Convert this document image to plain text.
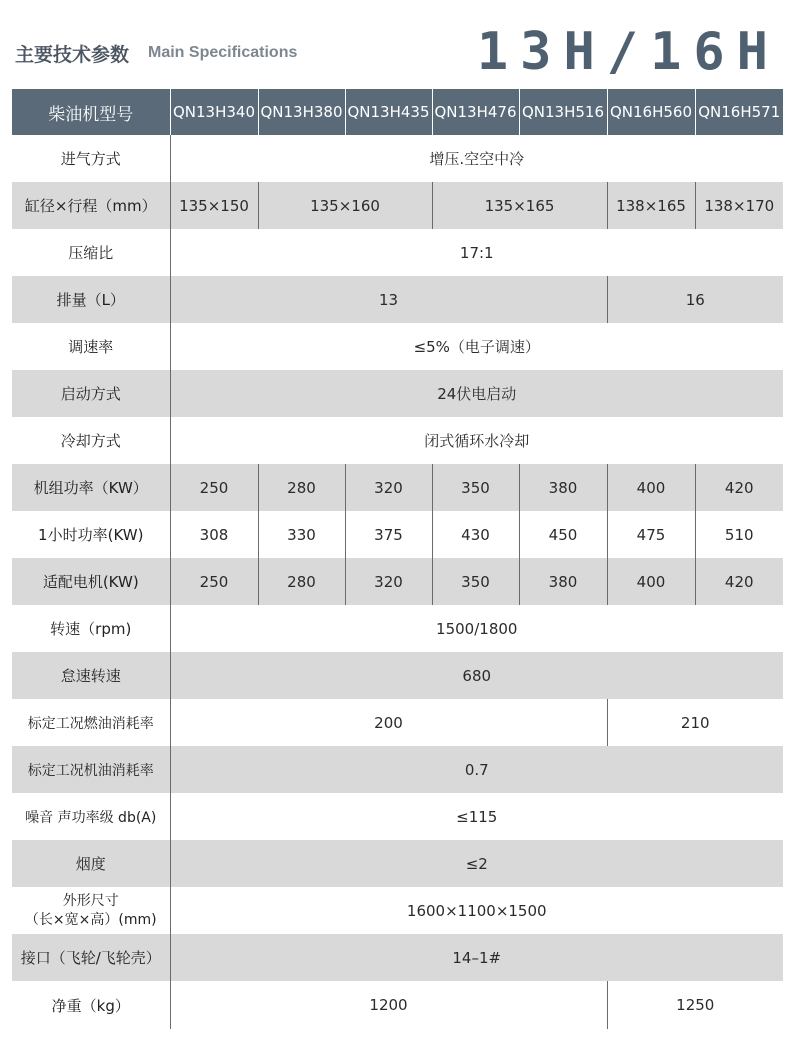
主要技术参数 Main Specifications	13H/16H
柴油机型号	QN13H340	QN13H380	QN13H435	QN13H476	QN13H516	QN16H560	QN16H571
进气方式	增压.空空中冷						
缸径×行程（mm）	135×150	135×160		135×165		138×165	138×170
压缩比	17:1						
排量（L）	13					16	
调速率	≤5%（电子调速）						
启动方式	24伏电启动						
冷却方式	闭式循环水冷却						
机组功率（KW）	250	280	320	350	380	400	420
1小时功率(KW)	308	330	375	430	450	475	510
适配电机(KW)	250	280	320	350	380	400	420
转速（rpm)	1500/1800						
怠速转速	680						
标定工况燃油消耗率	200					210	
标定工况机油消耗率	0.7						
噪音 声功率级 db(A)	≤115						
烟度	≤2						

外形尺寸
（长×宽×高）(mm)	1600×1100×1500						
接口（飞轮/飞轮壳）	14–1#						
净重（kg）	1200					1250	
